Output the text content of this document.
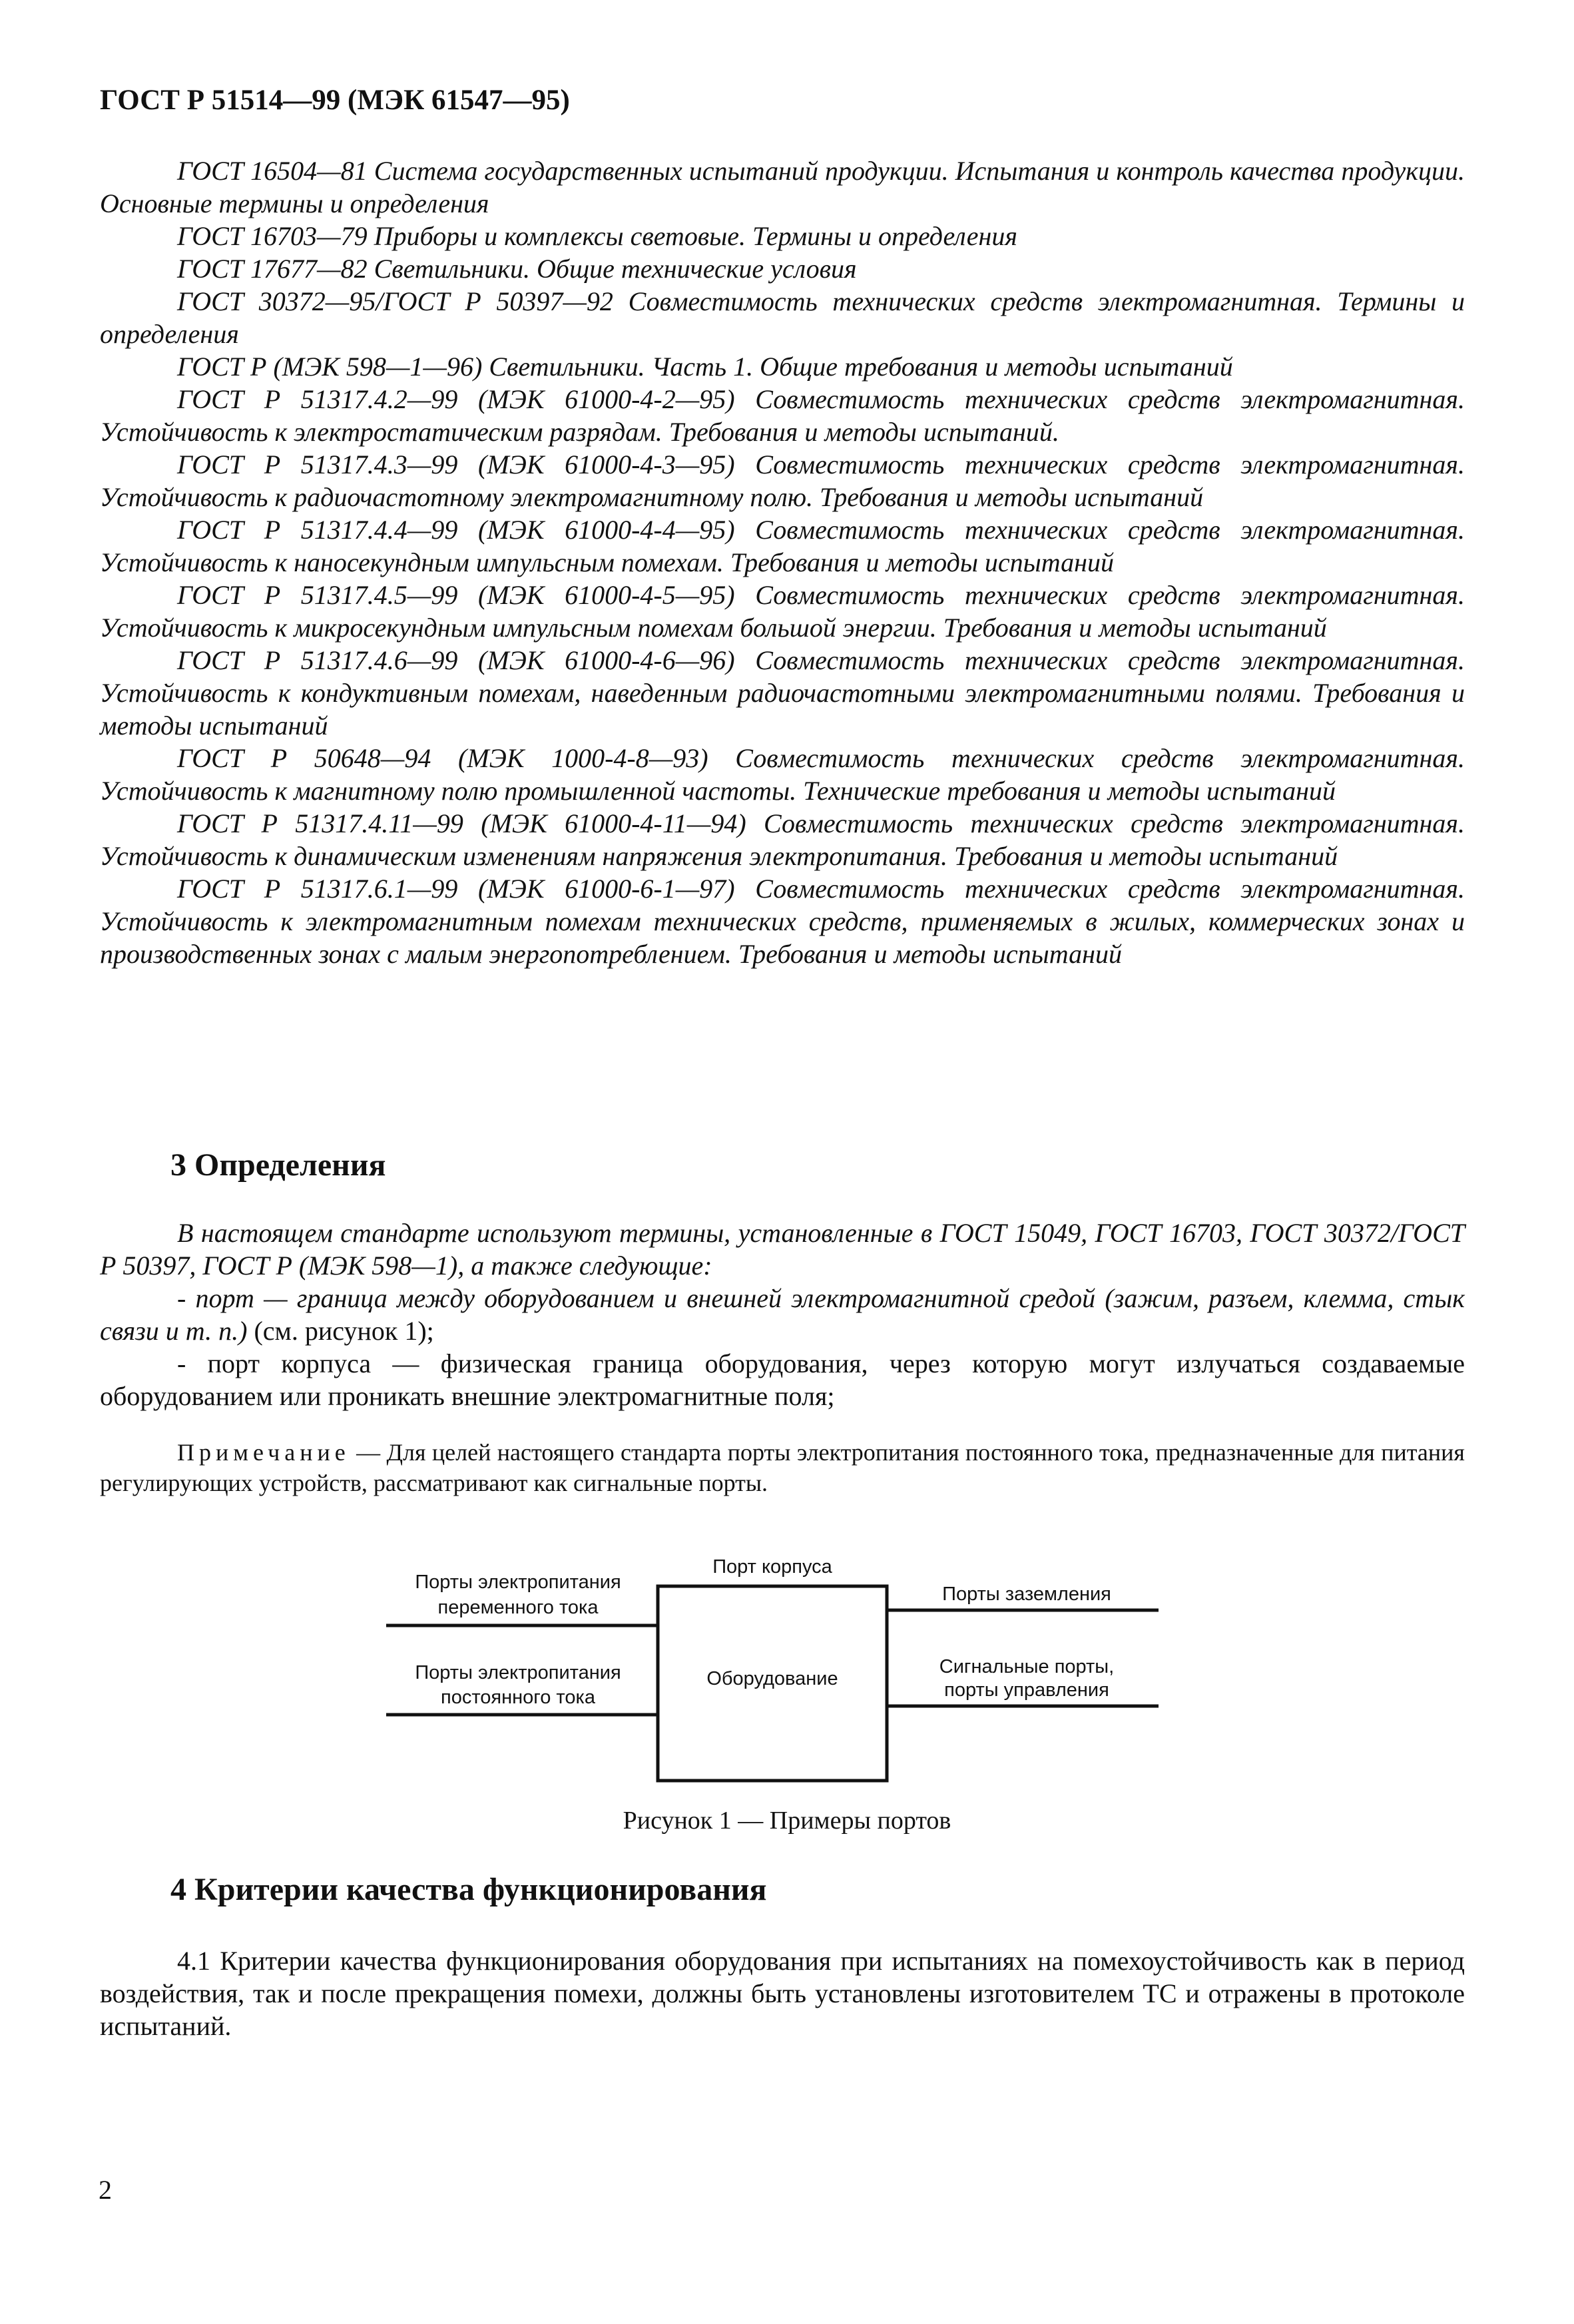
ГОСТ Р 51514—99 (МЭК 61547—95)

ГОСТ 16504—81 Система государственных испытаний продукции. Испытания и контроль качества продукции. Основные термины и определения

ГОСТ 16703—79 Приборы и комплексы световые. Термины и определения

ГОСТ 17677—82 Светильники. Общие технические условия

ГОСТ 30372—95/ГОСТ Р 50397—92 Совместимость технических средств электромагнитная. Термины и определения

ГОСТ Р (МЭК 598—1—96) Светильники. Часть 1. Общие требования и методы испытаний

ГОСТ Р 51317.4.2—99 (МЭК 61000-4-2—95) Совместимость технических средств электромагнитная. Устойчивость к электростатическим разрядам. Требования и методы испытаний.

ГОСТ Р 51317.4.3—99 (МЭК 61000-4-3—95) Совместимость технических средств электромагнитная. Устойчивость к радиочастотному электромагнитному полю. Требования и методы испытаний

ГОСТ Р 51317.4.4—99 (МЭК 61000-4-4—95) Совместимость технических средств электромагнитная. Устойчивость к наносекундным импульсным помехам. Требования и методы испытаний

ГОСТ Р 51317.4.5—99 (МЭК 61000-4-5—95) Совместимость технических средств электромагнитная. Устойчивость к микросекундным импульсным помехам большой энергии. Требования и методы испытаний

ГОСТ Р 51317.4.6—99 (МЭК 61000-4-6—96) Совместимость технических средств электромагнитная. Устойчивость к кондуктивным помехам, наведенным радиочастотными электромагнитными полями. Требования и методы испытаний

ГОСТ Р 50648—94 (МЭК 1000-4-8—93) Совместимость технических средств электромагнитная. Устойчивость к магнитному полю промышленной частоты. Технические требования и методы испытаний

ГОСТ Р 51317.4.11—99 (МЭК 61000-4-11—94) Совместимость технических средств электромагнитная. Устойчивость к динамическим изменениям напряжения электропитания. Требования и методы испытаний

ГОСТ Р 51317.6.1—99 (МЭК 61000-6-1—97) Совместимость технических средств электромагнитная. Устойчивость к электромагнитным помехам технических средств, применяемых в жилых, коммерческих зонах и производственных зонах с малым энергопотреблением. Требования и методы испытаний

3 Определения

В настоящем стандарте используют термины, установленные в ГОСТ 15049, ГОСТ 16703, ГОСТ 30372/ГОСТ Р 50397, ГОСТ Р (МЭК 598—1), а также следующие:

- порт — граница между оборудованием и внешней электромагнитной средой (зажим, разъем, клемма, стык связи и т. п.) (см. рисунок 1);

- порт корпуса — физическая граница оборудования, через которую могут излучаться создаваемые оборудованием или проникать внешние электромагнитные поля;

Примечание — Для целей настоящего стандарта порты электропитания постоянного тока, предназначенные для питания регулирующих устройств, рассматривают как сигнальные порты.

Порт корпуса
Порты электропитания
переменного тока
Порты электропитания
постоянного тока
Оборудование
Порты заземления
Сигнальные порты,
порты управления

Рисунок 1 — Примеры портов

4 Критерии качества функционирования

4.1 Критерии качества функционирования оборудования при испытаниях на помехоустойчивость как в период воздействия, так и после прекращения помехи, должны быть установлены изготовителем ТС и отражены в протоколе испытаний.

2
